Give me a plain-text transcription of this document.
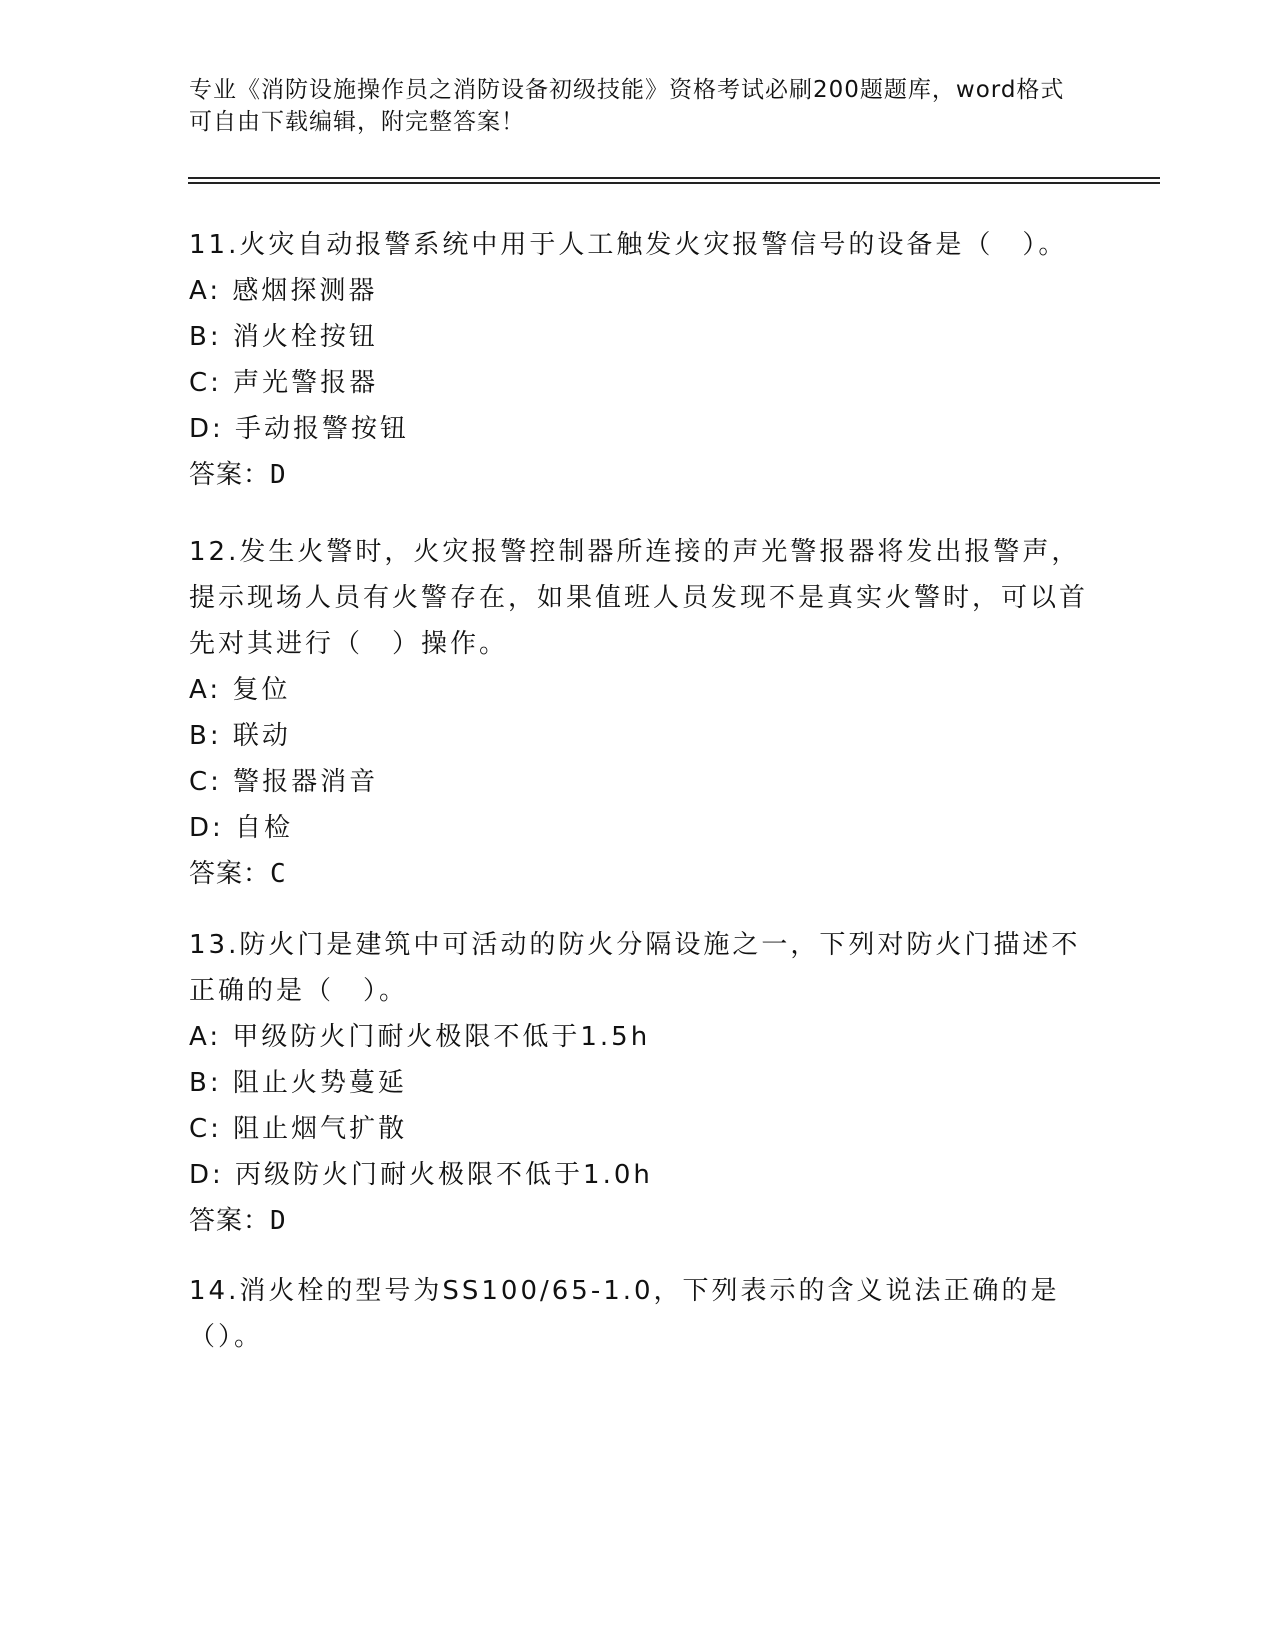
专业《消防设施操作员之消防设备初级技能》资格考试必刷200题题库，word格式可自由下载编辑，附完整答案！

11.火灾自动报警系统中用于人工触发火灾报警信号的设备是（　）。

A: 感烟探测器

B: 消火栓按钮

C: 声光警报器

D: 手动报警按钮

答案：D

12.发生火警时，火灾报警控制器所连接的声光警报器将发出报警声，提示现场人员有火警存在，如果值班人员发现不是真实火警时，可以首先对其进行（　）操作。

A: 复位

B: 联动

C: 警报器消音

D: 自检

答案：C

13.防火门是建筑中可活动的防火分隔设施之一，下列对防火门描述不正确的是（　）。

A: 甲级防火门耐火极限不低于1.5h

B: 阻止火势蔓延

C: 阻止烟气扩散

D: 丙级防火门耐火极限不低于1.0h

答案：D

14.消火栓的型号为SS100/65-1.0，下列表示的含义说法正确的是（）。
